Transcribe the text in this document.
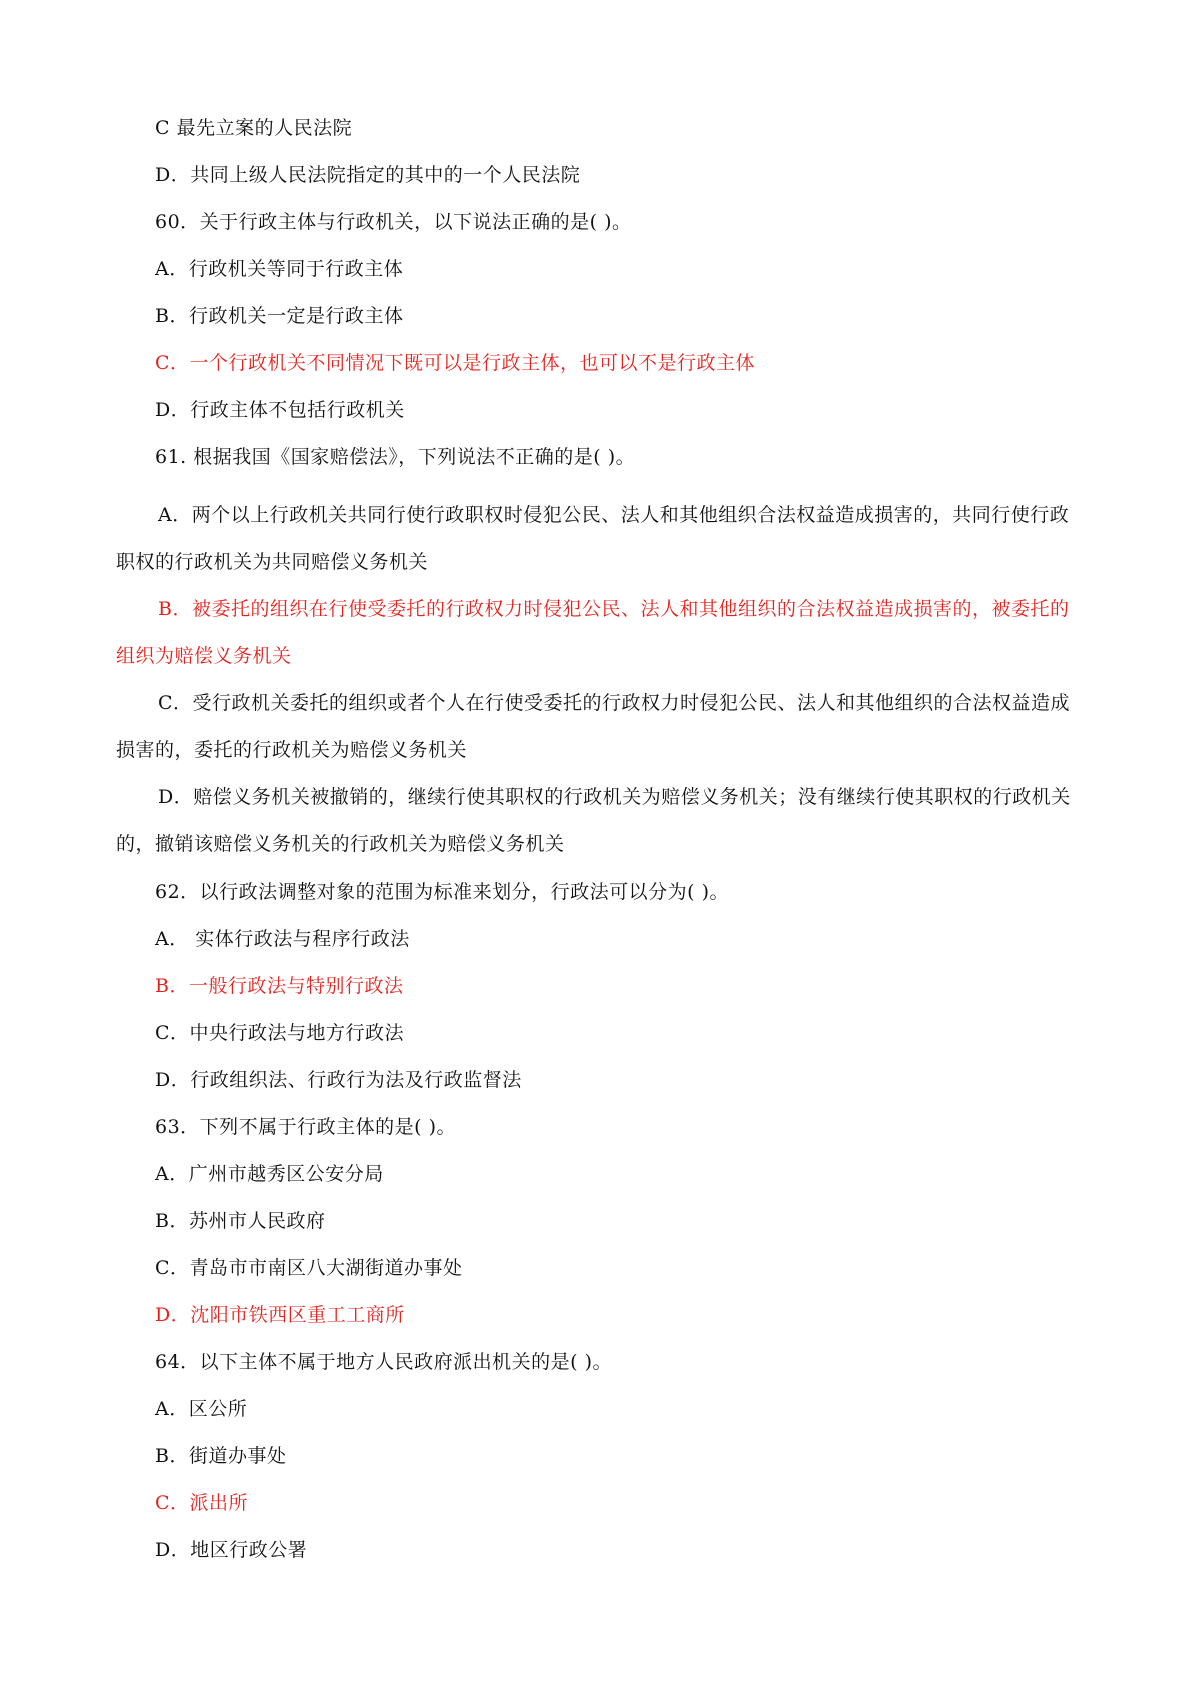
C 最先立案的人民法院
D．共同上级人民法院指定的其中的一个人民法院
60．关于行政主体与行政机关，以下说法正确的是( )。
A．行政机关等同于行政主体
B．行政机关一定是行政主体
C．一个行政机关不同情况下既可以是行政主体，也可以不是行政主体
D．行政主体不包括行政机关
61. 根据我国《国家赔偿法》，下列说法不正确的是( )。
A．两个以上行政机关共同行使行政职权时侵犯公民、法人和其他组织合法权益造成损害的，共同行使行政职权的行政机关为共同赔偿义务机关
B．被委托的组织在行使受委托的行政权力时侵犯公民、法人和其他组织的合法权益造成损害的，被委托的组织为赔偿义务机关
C．受行政机关委托的组织或者个人在行使受委托的行政权力时侵犯公民、法人和其他组织的合法权益造成损害的，委托的行政机关为赔偿义务机关
D．赔偿义务机关被撤销的，继续行使其职权的行政机关为赔偿义务机关；没有继续行使其职权的行政机关的，撤销该赔偿义务机关的行政机关为赔偿义务机关
62．以行政法调整对象的范围为标准来划分，行政法可以分为( )。
A． 实体行政法与程序行政法
B．一般行政法与特别行政法
C．中央行政法与地方行政法
D．行政组织法、行政行为法及行政监督法
63．下列不属于行政主体的是( )。
A．广州市越秀区公安分局
B．苏州市人民政府
C．青岛市市南区八大湖街道办事处
D．沈阳市铁西区重工工商所
64．以下主体不属于地方人民政府派出机关的是( )。
A．区公所
B．街道办事处
C．派出所
D．地区行政公署
